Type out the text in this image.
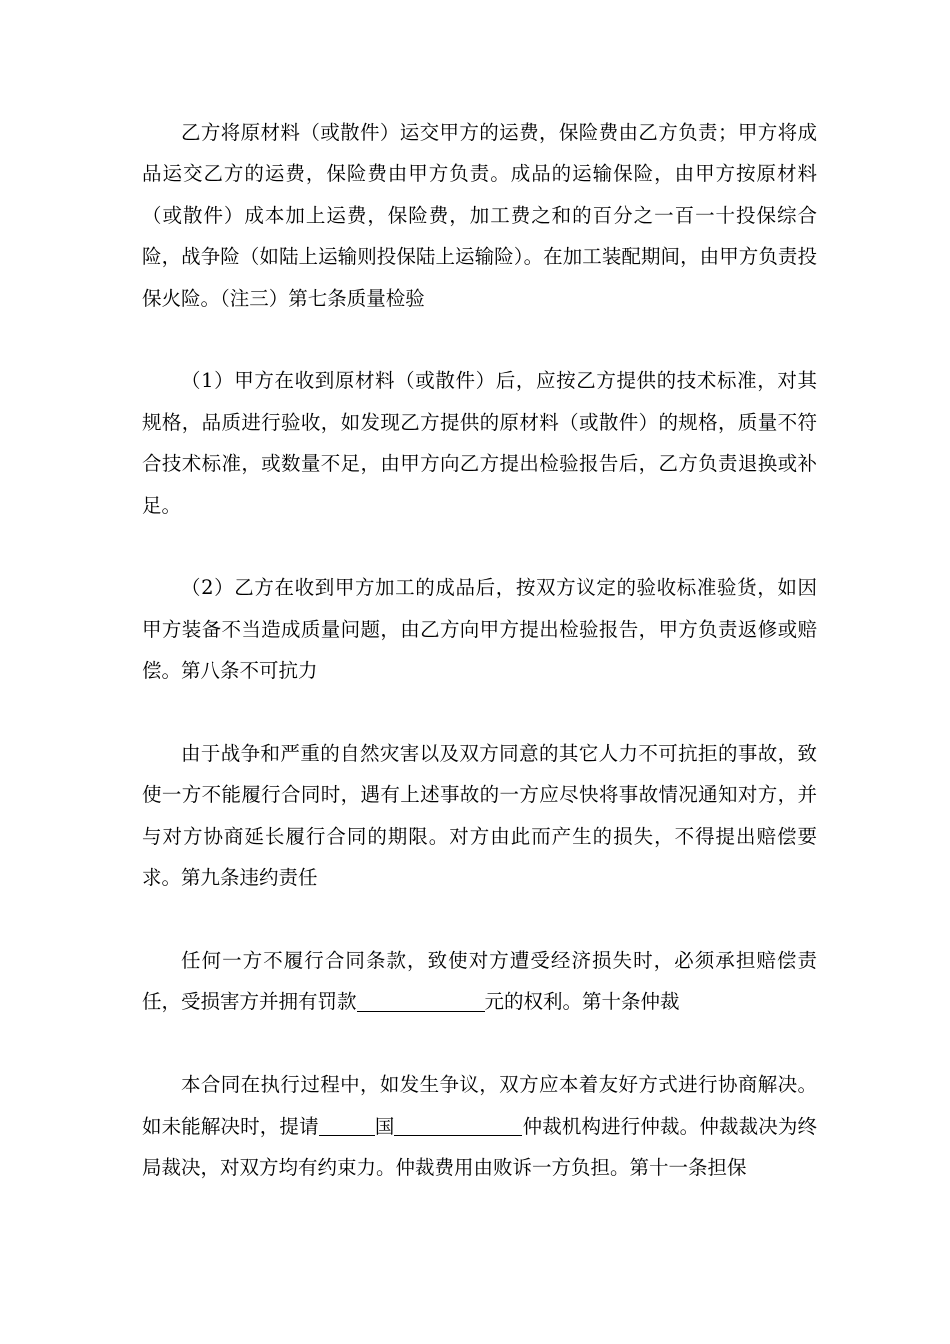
乙方将原材料（或散件）运交甲方的运费，保险费由乙方负责；甲方将成品运交乙方的运费，保险费由甲方负责。成品的运输保险，由甲方按原材料（或散件）成本加上运费，保险费，加工费之和的百分之一百一十投保综合险，战争险（如陆上运输则投保陆上运输险）。在加工装配期间，由甲方负责投保火险。（注三）第七条质量检验

（1）甲方在收到原材料（或散件）后，应按乙方提供的技术标准，对其规格，品质进行验收，如发现乙方提供的原材料（或散件）的规格，质量不符合技术标准，或数量不足，由甲方向乙方提出检验报告后，乙方负责退换或补足。

（2）乙方在收到甲方加工的成品后，按双方议定的验收标准验货，如因甲方装备不当造成质量问题，由乙方向甲方提出检验报告，甲方负责返修或赔偿。第八条不可抗力

由于战争和严重的自然灾害以及双方同意的其它人力不可抗拒的事故，致使一方不能履行合同时，遇有上述事故的一方应尽快将事故情况通知对方，并与对方协商延长履行合同的期限。对方由此而产生的损失，不得提出赔偿要求。第九条违约责任

任何一方不履行合同条款，致使对方遭受经济损失时，必须承担赔偿责任，受损害方并拥有罚款	元的权利。第十条仲裁

本合同在执行过程中，如发生争议，双方应本着友好方式进行协商解决。如未能解决时，提请	国	仲裁机构进行仲裁。仲裁裁决为终局裁决，对双方均有约束力。仲裁费用由败诉一方负担。第十一条担保
